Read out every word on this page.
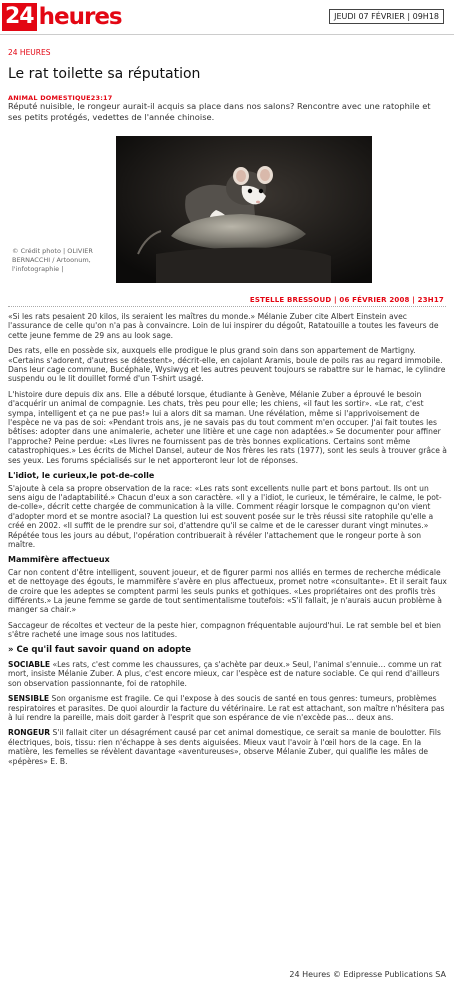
24 heures	JEUDI 07 FÉVRIER | 09H18
24 HEURES
Le rat toilette sa réputation
ANIMAL DOMESTIQUE23:17
Réputé nuisible, le rongeur aurait-il acquis sa place dans nos salons? Rencontre avec une ratophile et ses petits protégés, vedettes de l'année chinoise.
© Crédit photo | OLIVIER BERNACCHI / Artoonum, l'infotographie |
ESTELLE BRESSOUD | 06 FÉVRIER 2008 | 23H17

«Si les rats pesaient 20 kilos, ils seraient les maîtres du monde.» Mélanie Zuber cite Albert Einstein avec l'assurance de celle qu'on n'a pas à convaincre. Loin de lui inspirer du dégoût, Ratatouille a toutes les faveurs de cette jeune femme de 29 ans au look sage.

Des rats, elle en possède six, auxquels elle prodigue le plus grand soin dans son appartement de Martigny. «Certains s'adorent, d'autres se détestent», décrit-elle, en cajolant Aramis, boule de poils ras au regard immobile. Dans leur cage commune, Bucéphale, Wysiwyg et les autres peuvent toujours se rabattre sur le hamac, le cylindre suspendu ou le lit douillet formé d'un T-shirt usagé.

L'histoire dure depuis dix ans. Elle a débuté lorsque, étudiante à Genève, Mélanie Zuber a éprouvé le besoin d'acquérir un animal de compagnie. Les chats, très peu pour elle; les chiens, «il faut les sortir». «Le rat, c'est sympa, intelligent et ça ne pue pas!» lui a alors dit sa maman. Une révélation, même si l'apprivoisement de l'espèce ne va pas de soi: «Pendant trois ans, je ne savais pas du tout comment m'en occuper. J'ai fait toutes les bêtises: adopter dans une animalerie, acheter une litière et une cage non adaptées.» Se documenter pour affiner l'approche? Peine perdue: «Les livres ne fournissent pas de très bonnes explications. Certains sont même catastrophiques.» Les écrits de Michel Dansel, auteur de Nos frères les rats (1977), sont les seuls à trouver grâce à ses yeux. Les forums spécialisés sur le net apporteront leur lot de réponses.

L'idiot, le curieux,le pot-de-colle

S'ajoute à cela sa propre observation de la race: «Les rats sont excellents nulle part et bons partout. Ils ont un sens aigu de l'adaptabilité.» Chacun d'eux a son caractère. «Il y a l'idiot, le curieux, le téméraire, le calme, le pot-de-colle», décrit cette chargée de communication à la ville. Comment réagir lorsque le compagnon qu'on vient d'adopter mord et se montre asocial? La question lui est souvent posée sur le très réussi site ratophile qu'elle a créé en 2002. «Il suffit de le prendre sur soi, d'attendre qu'il se calme et de le caresser durant vingt minutes.» Répétée tous les jours au début, l'opération contribuerait à révéler l'attachement que le rongeur porte à son maître.

Mammifère affectueux

Car non content d'être intelligent, souvent joueur, et de figurer parmi nos alliés en termes de recherche médicale et de nettoyage des égouts, le mammifère s'avère en plus affectueux, promet notre «consultante». Et il serait faux de croire que les adeptes se comptent parmi les seuls punks et gothiques. «Les propriétaires ont des profils très différents.» La jeune femme se garde de tout sentimentalisme toutefois: «S'il fallait, je n'aurais aucun problème à manger sa chair.»

Saccageur de récoltes et vecteur de la peste hier, compagnon fréquentable aujourd'hui. Le rat semble bel et bien s'être racheté une image sous nos latitudes.

» Ce qu'il faut savoir quand on adopte

SOCIABLE «Les rats, c'est comme les chaussures, ça s'achète par deux.» Seul, l'animal s'ennuie… comme un rat mort, insiste Mélanie Zuber. A plus, c'est encore mieux, car l'espèce est de nature sociable. Ce qui rend d'ailleurs son observation passionnante, foi de ratophile.

SENSIBLE Son organisme est fragile. Ce qui l'expose à des soucis de santé en tous genres: tumeurs, problèmes respiratoires et parasites. De quoi alourdir la facture du vétérinaire. Le rat est attachant, son maître n'hésitera pas à lui rendre la pareille, mais doit garder à l'esprit que son espérance de vie n'excède pas… deux ans.

RONGEUR S'il fallait citer un désagrément causé par cet animal domestique, ce serait sa manie de boulotter. Fils électriques, bois, tissu: rien n'échappe à ses dents aiguisées. Mieux vaut l'avoir à l'œil hors de la cage. En la matière, les femelles se révèlent davantage «aventureuses», observe Mélanie Zuber, qui qualifie les mâles de «pépères» E. B.

24 Heures © Edipresse Publications SA
